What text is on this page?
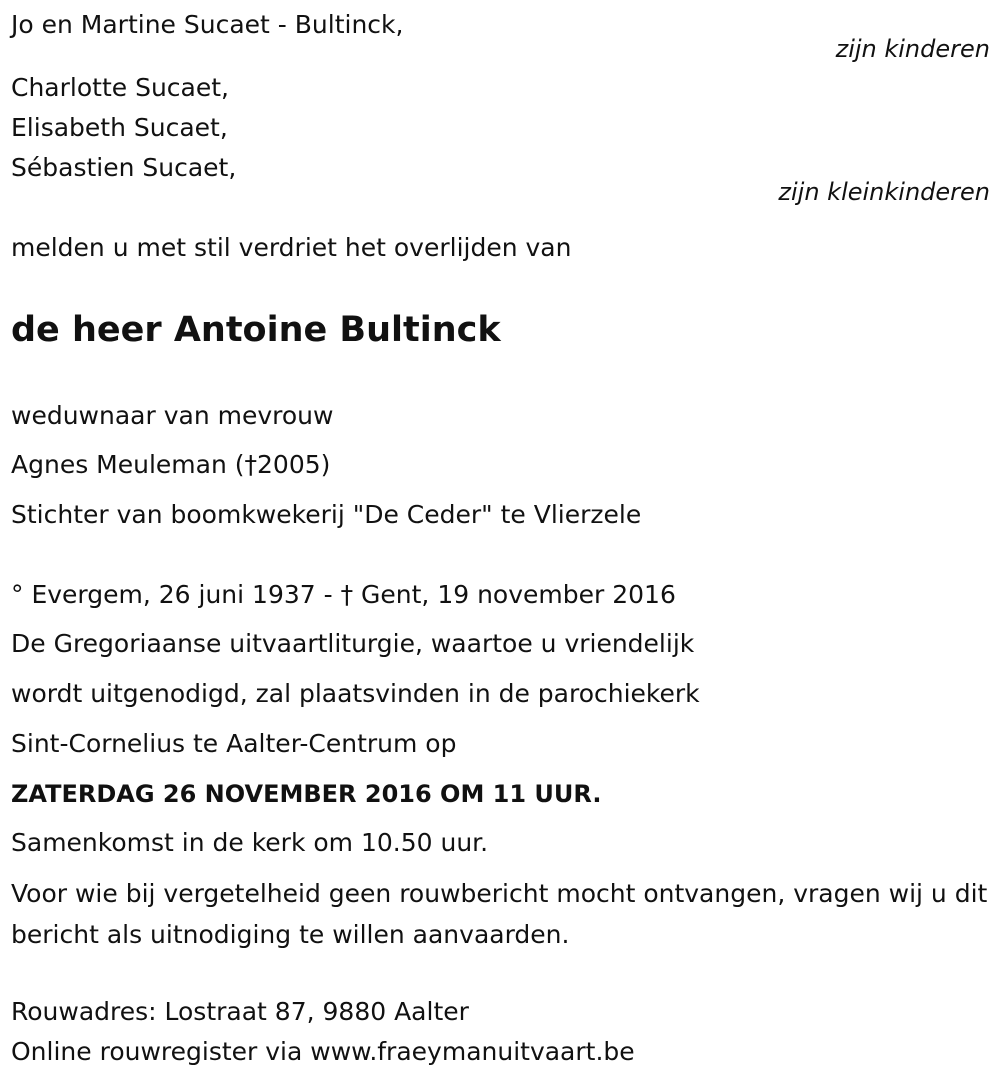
Jo en Martine Sucaet - Bultinck,
zijn kinderen
Charlotte Sucaet,
Elisabeth Sucaet,
Sébastien Sucaet,
zijn kleinkinderen
melden u met stil verdriet het overlijden van
de heer Antoine Bultinck
weduwnaar van mevrouw
Agnes Meuleman (†2005)
Stichter van boomkwekerij "De Ceder" te Vlierzele
° Evergem, 26 juni 1937 - † Gent, 19 november 2016
De Gregoriaanse uitvaartliturgie, waartoe u vriendelijk
wordt uitgenodigd, zal plaatsvinden in de parochiekerk
Sint-Cornelius te Aalter-Centrum op
ZATERDAG 26 NOVEMBER 2016 OM 11 UUR.
Samenkomst in de kerk om 10.50 uur.
Voor wie bij vergetelheid geen rouwbericht mocht ontvangen, vragen wij u dit bericht als uitnodiging te willen aanvaarden.
Rouwadres: Lostraat 87, 9880 Aalter
Online rouwregister via www.fraeymanuitvaart.be
